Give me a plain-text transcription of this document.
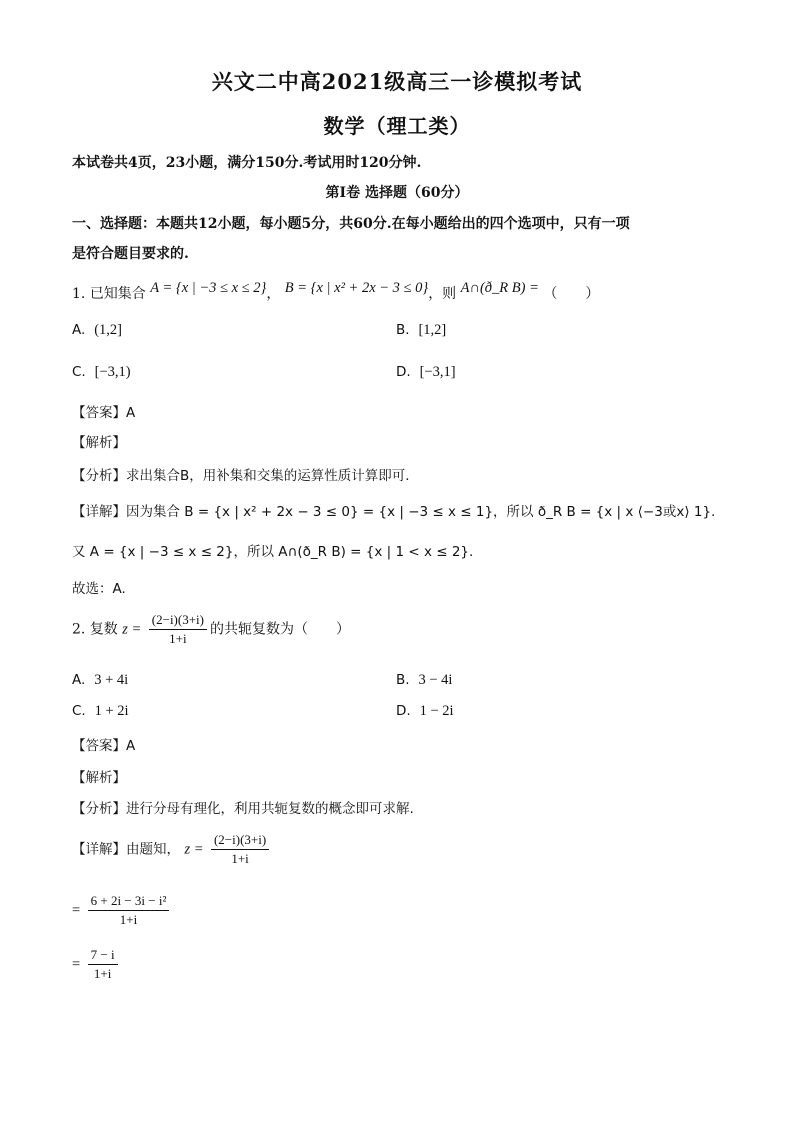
兴文二中高2021级高三一诊模拟考试
数学（理工类）
本试卷共4页，23小题，满分150分.考试用时120分钟.
第I卷 选择题（60分）
一、选择题：本题共12小题，每小题5分，共60分.在每小题给出的四个选项中，只有一项
是符合题目要求的.
1. 已知集合 A = {x | −3 ≤ x ≤ 2}， B = {x | x² + 2x − 3 ≤ 0}，则 A∩(ð_R B) = （　　）
A. (1,2]	B. [1,2]
C. [−3,1)	D. [−3,1]
【答案】A
【解析】
【分析】求出集合B，用补集和交集的运算性质计算即可.
【详解】因为集合 B = {x | x² + 2x − 3 ≤ 0} = {x | −3 ≤ x ≤ 1}，所以 ð_R B = {x | x ⟨−3或x⟩ 1}.
又 A = {x | −3 ≤ x ≤ 2}，所以 A∩(ð_R B) = {x | 1 < x ≤ 2}.
故选：A.
2. 复数 $z = \frac{(2-i)(3+i)}{1+i}$ 的共轭复数为（　　）
A. 3 + 4i	B. 3 − 4i
C. 1 + 2i	D. 1 − 2i
【答案】A
【解析】
【分析】进行分母有理化，利用共轭复数的概念即可求解.
【详解】由题知， $z = \frac{(2-i)(3+i)}{1+i}$
= $\frac{\text{6 + 2i − 3i − i²}}{1+i}$
= $\frac{7 - i}{1+i}$
